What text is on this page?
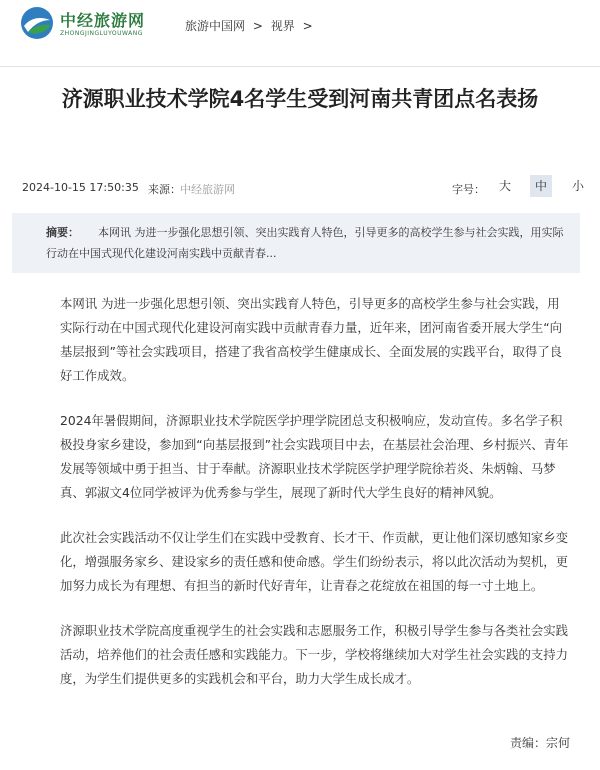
中经旅游网
ZHONGJINGLUYOUWANG
旅游中国网 > 视界 >
济源职业技术学院4名学生受到河南共青团点名表扬
2024-10-15 17:50:35 来源： 中经旅游网	字号：	大	中	小
摘要：	本网讯 为进一步强化思想引领、突出实践育人特色，引导更多的高校学生参与社会实践，用实际行动在中国式现代化建设河南实践中贡献青春...

本网讯 为进一步强化思想引领、突出实践育人特色，引导更多的高校学生参与社会实践，用实际行动在中国式现代化建设河南实践中贡献青春力量，近年来，团河南省委开展大学生“向基层报到”等社会实践项目，搭建了我省高校学生健康成长、全面发展的实践平台，取得了良好工作成效。

2024年暑假期间，济源职业技术学院医学护理学院团总支积极响应，发动宣传。多名学子积极投身家乡建设，参加到“向基层报到”社会实践项目中去，在基层社会治理、乡村振兴、青年发展等领域中勇于担当、甘于奉献。济源职业技术学院医学护理学院徐若炎、朱炳翰、马梦真、郭淑文4位同学被评为优秀参与学生，展现了新时代大学生良好的精神风貌。

此次社会实践活动不仅让学生们在实践中受教育、长才干、作贡献，更让他们深切感知家乡变化，增强服务家乡、建设家乡的责任感和使命感。学生们纷纷表示，将以此次活动为契机，更加努力成长为有理想、有担当的新时代好青年，让青春之花绽放在祖国的每一寸土地上。

济源职业技术学院高度重视学生的社会实践和志愿服务工作，积极引导学生参与各类社会实践活动，培养他们的社会责任感和实践能力。下一步，学校将继续加大对学生社会实践的支持力度，为学生们提供更多的实践机会和平台，助力大学生成长成才。

责编：宗何
